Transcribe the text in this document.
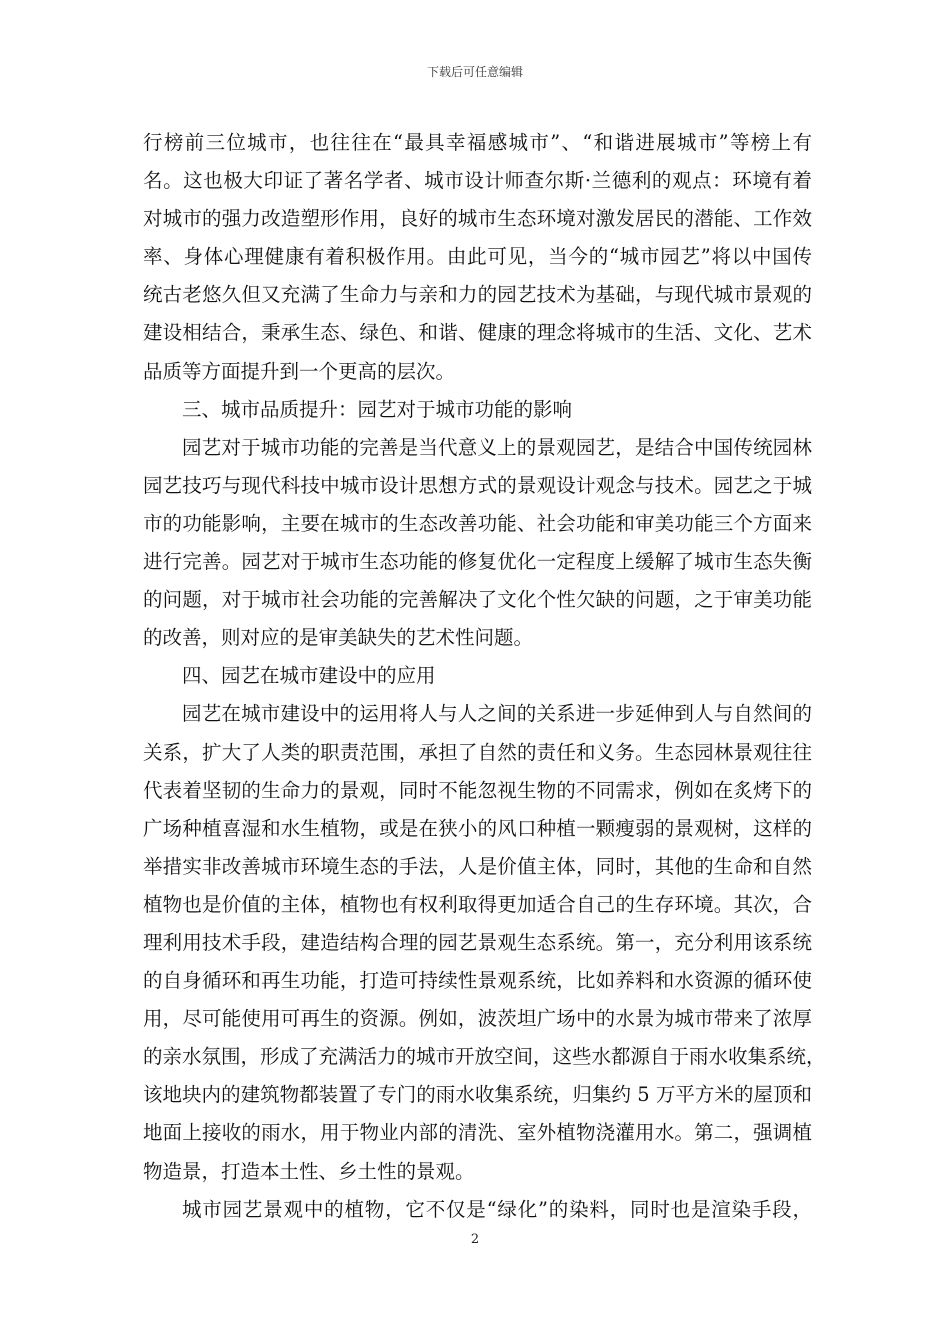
下载后可任意编辑
行榜前三位城市，也往往在“最具幸福感城市”、“和谐进展城市”等榜上有
名。这也极大印证了著名学者、城市设计师查尔斯·兰德利的观点：环境有着
对城市的强力改造塑形作用，良好的城市生态环境对激发居民的潜能、工作效
率、身体心理健康有着积极作用。由此可见，当今的“城市园艺”将以中国传
统古老悠久但又充满了生命力与亲和力的园艺技术为基础，与现代城市景观的
建设相结合，秉承生态、绿色、和谐、健康的理念将城市的生活、文化、艺术
品质等方面提升到一个更高的层次。
三、城市品质提升：园艺对于城市功能的影响
园艺对于城市功能的完善是当代意义上的景观园艺，是结合中国传统园林
园艺技巧与现代科技中城市设计思想方式的景观设计观念与技术。园艺之于城
市的功能影响，主要在城市的生态改善功能、社会功能和审美功能三个方面来
进行完善。园艺对于城市生态功能的修复优化一定程度上缓解了城市生态失衡
的问题，对于城市社会功能的完善解决了文化个性欠缺的问题，之于审美功能
的改善，则对应的是审美缺失的艺术性问题。
四、园艺在城市建设中的应用
园艺在城市建设中的运用将人与人之间的关系进一步延伸到人与自然间的
关系，扩大了人类的职责范围，承担了自然的责任和义务。生态园林景观往往
代表着坚韧的生命力的景观，同时不能忽视生物的不同需求，例如在炙烤下的
广场种植喜湿和水生植物，或是在狭小的风口种植一颗瘦弱的景观树，这样的
举措实非改善城市环境生态的手法，人是价值主体，同时，其他的生命和自然
植物也是价值的主体，植物也有权利取得更加适合自己的生存环境。其次，合
理利用技术手段，建造结构合理的园艺景观生态系统。第一，充分利用该系统
的自身循环和再生功能，打造可持续性景观系统，比如养料和水资源的循环使
用，尽可能使用可再生的资源。例如，波茨坦广场中的水景为城市带来了浓厚
的亲水氛围，形成了充满活力的城市开放空间，这些水都源自于雨水收集系统，
该地块内的建筑物都装置了专门的雨水收集系统，归集约 5 万平方米的屋顶和
地面上接收的雨水，用于物业内部的清洗、室外植物浇灌用水。第二，强调植
物造景，打造本土性、乡土性的景观。
城市园艺景观中的植物，它不仅是“绿化”的染料，同时也是渲染手段，
2
